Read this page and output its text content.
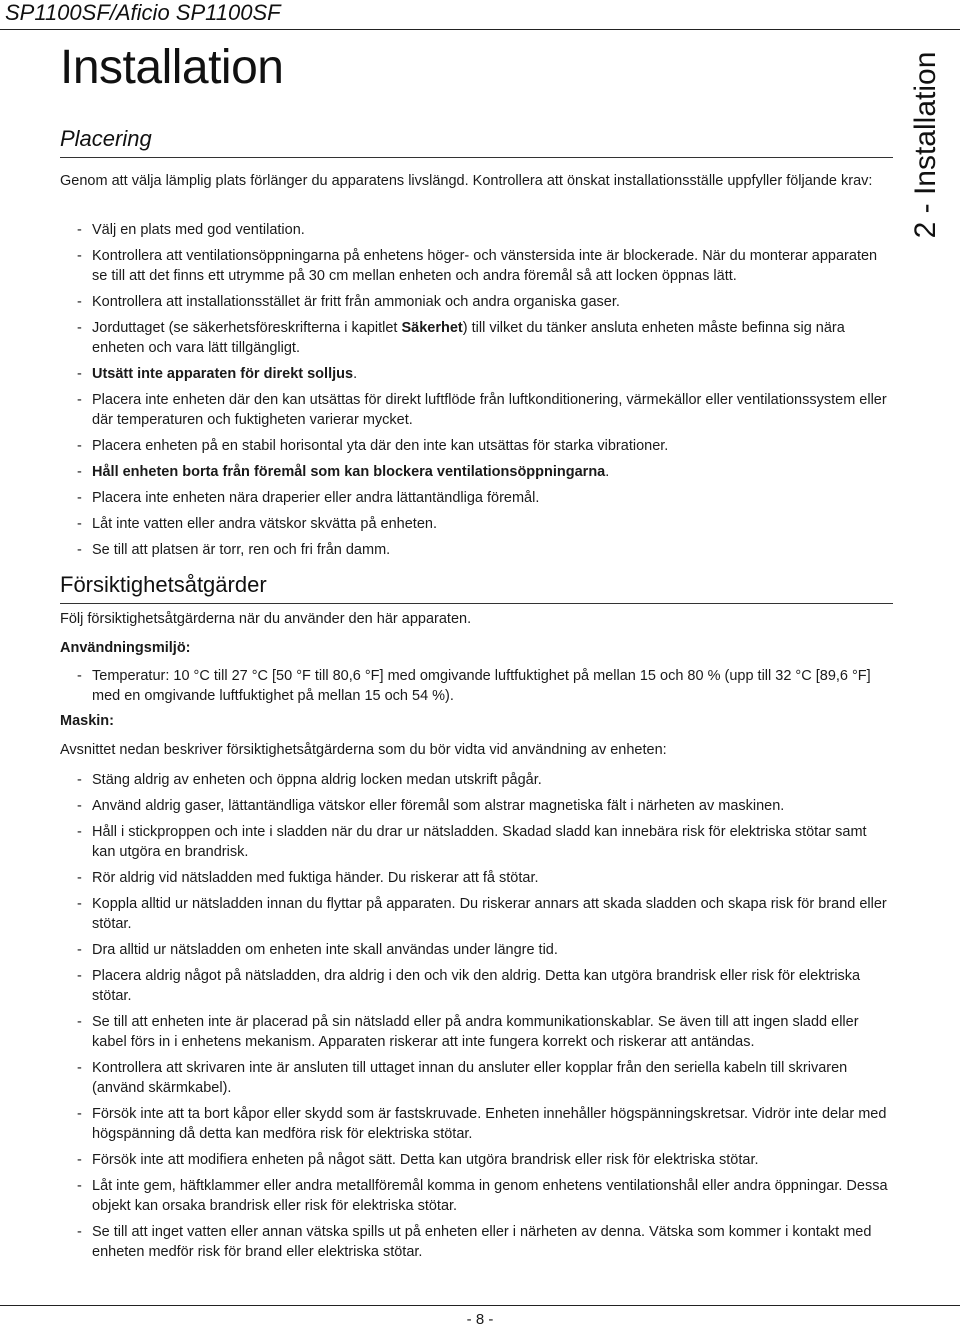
SP1100SF/Aficio SP1100SF
Installation	2 - Installation
Placering
Genom att välja lämplig plats förlänger du apparatens livslängd. Kontrollera att önskat installationsställe uppfyller följande krav:
- Välj en plats med god ventilation.
- Kontrollera att ventilationsöppningarna på enhetens höger- och vänstersida inte är blockerade. När du monterar apparaten se till att det finns ett utrymme på 30 cm mellan enheten och andra föremål så att locken öppnas lätt.
- Kontrollera att installationsstället är fritt från ammoniak och andra organiska gaser.
- Jorduttaget (se säkerhetsföreskrifterna i kapitlet Säkerhet) till vilket du tänker ansluta enheten måste befinna sig nära enheten och vara lätt tillgängligt.
- Utsätt inte apparaten för direkt solljus.
- Placera inte enheten där den kan utsättas för direkt luftflöde från luftkonditionering, värmekällor eller ventilationssystem eller där temperaturen och fuktigheten varierar mycket.
- Placera enheten på en stabil horisontal yta där den inte kan utsättas för starka vibrationer.
- Håll enheten borta från föremål som kan blockera ventilationsöppningarna.
- Placera inte enheten nära draperier eller andra lättantändliga föremål.
- Låt inte vatten eller andra vätskor skvätta på enheten.
- Se till att platsen är torr, ren och fri från damm.
Försiktighetsåtgärder
Följ försiktighetsåtgärderna när du använder den här apparaten.
Användningsmiljö:
- Temperatur: 10 °C till 27 °C [50 °F till 80,6 °F] med omgivande luftfuktighet på mellan 15 och 80 % (upp till 32 °C [89,6 °F] med en omgivande luftfuktighet på mellan 15 och 54 %).
Maskin:
Avsnittet nedan beskriver försiktighetsåtgärderna som du bör vidta vid användning av enheten:
- Stäng aldrig av enheten och öppna aldrig locken medan utskrift pågår.
- Använd aldrig gaser, lättantändliga vätskor eller föremål som alstrar magnetiska fält i närheten av maskinen.
- Håll i stickproppen och inte i sladden när du drar ur nätsladden. Skadad sladd kan innebära risk för elektriska stötar samt kan utgöra en brandrisk.
- Rör aldrig vid nätsladden med fuktiga händer. Du riskerar att få stötar.
- Koppla alltid ur nätsladden innan du flyttar på apparaten. Du riskerar annars att skada sladden och skapa risk för brand eller stötar.
- Dra alltid ur nätsladden om enheten inte skall användas under längre tid.
- Placera aldrig något på nätsladden, dra aldrig i den och vik den aldrig. Detta kan utgöra brandrisk eller risk för elektriska stötar.
- Se till att enheten inte är placerad på sin nätsladd eller på andra kommunikationskablar. Se även till att ingen sladd eller kabel förs in i enhetens mekanism. Apparaten riskerar att inte fungera korrekt och riskerar att antändas.
- Kontrollera att skrivaren inte är ansluten till uttaget innan du ansluter eller kopplar från den seriella kabeln till skrivaren (använd skärmkabel).
- Försök inte att ta bort kåpor eller skydd som är fastskruvade. Enheten innehåller högspänningskretsar. Vidrör inte delar med högspänning då detta kan medföra risk för elektriska stötar.
- Försök inte att modifiera enheten på något sätt. Detta kan utgöra brandrisk eller risk för elektriska stötar.
- Låt inte gem, häftklammer eller andra metallföremål komma in genom enhetens ventilationshål eller andra öppningar. Dessa objekt kan orsaka brandrisk eller risk för elektriska stötar.
- Se till att inget vatten eller annan vätska spills ut på enheten eller i närheten av denna. Vätska som kommer i kontakt med enheten medför risk för brand eller elektriska stötar.
- 8 -
